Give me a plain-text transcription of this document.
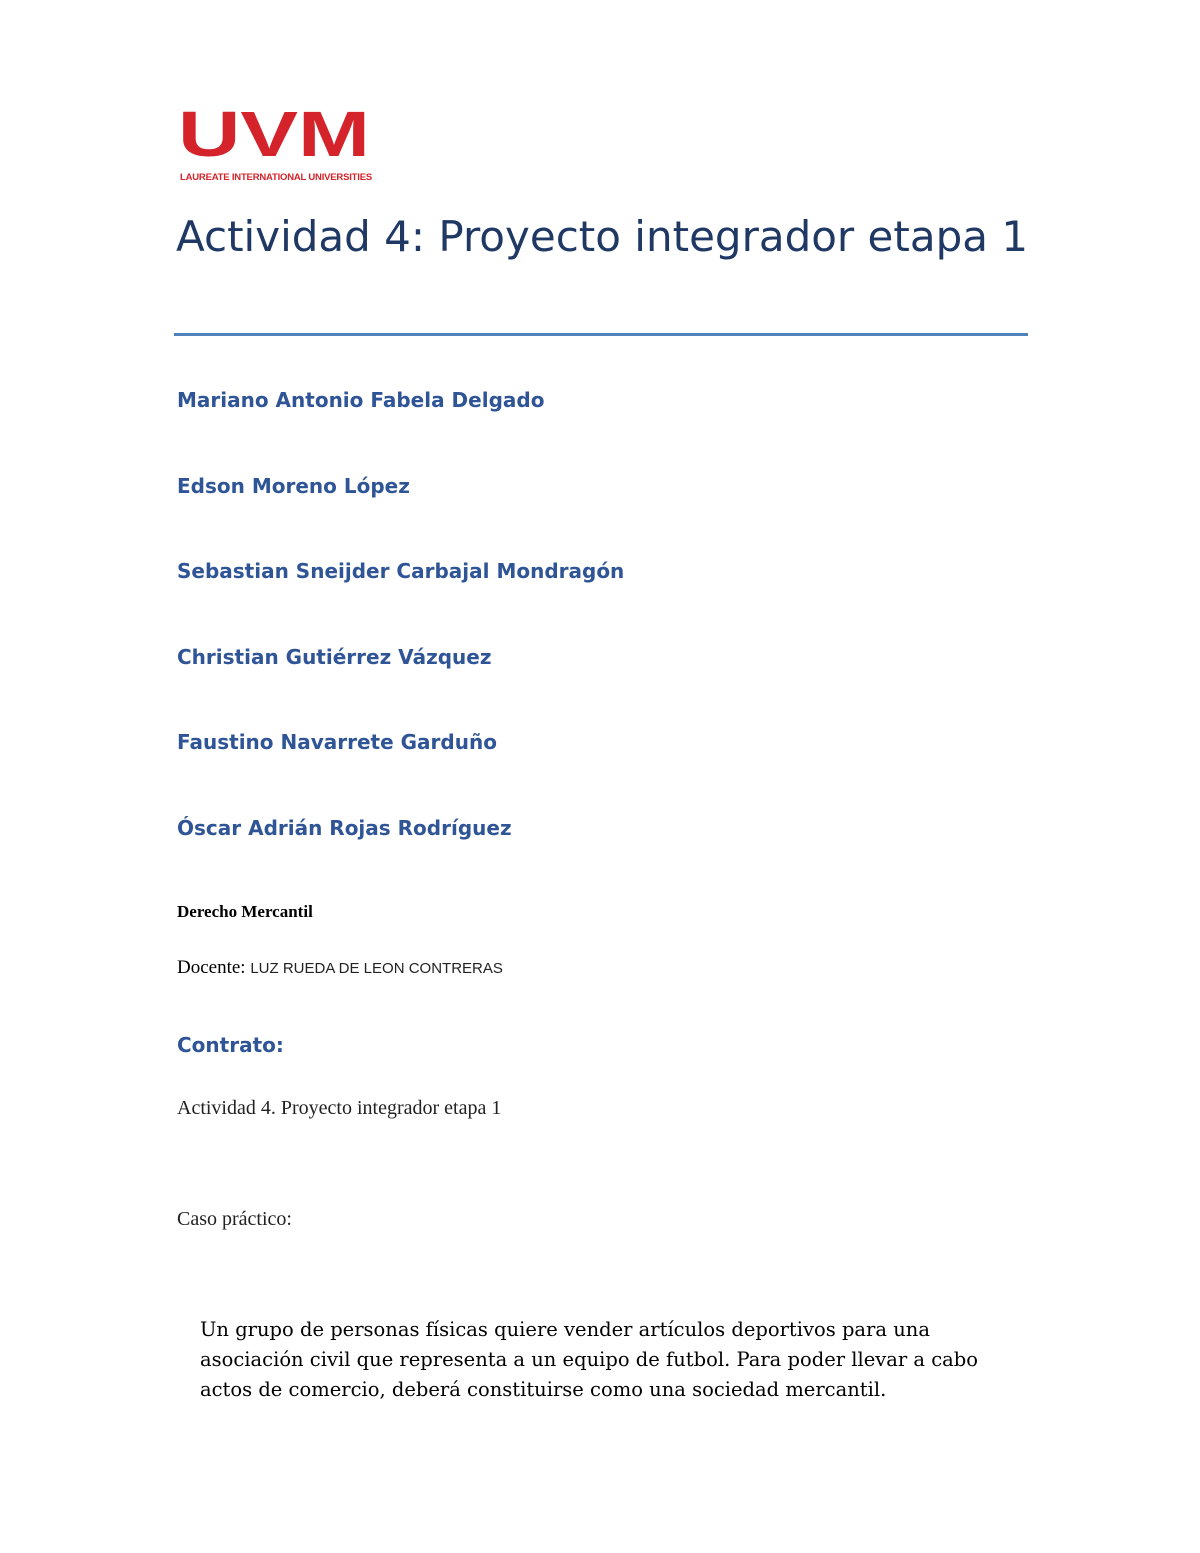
UVM
LAUREATE INTERNATIONAL UNIVERSITIES
Actividad 4: Proyecto integrador etapa 1
Mariano Antonio Fabela Delgado
Edson Moreno López
Sebastian Sneijder Carbajal Mondragón
Christian Gutiérrez Vázquez
Faustino Navarrete Garduño
Óscar Adrián Rojas Rodríguez
Derecho Mercantil
Docente: LUZ RUEDA DE LEON CONTRERAS
Contrato:
Actividad 4. Proyecto integrador etapa 1
Caso práctico:

Un grupo de personas físicas quiere vender artículos deportivos para una asociación civil que representa a un equipo de futbol. Para poder llevar a cabo actos de comercio, deberá constituirse como una sociedad mercantil.
